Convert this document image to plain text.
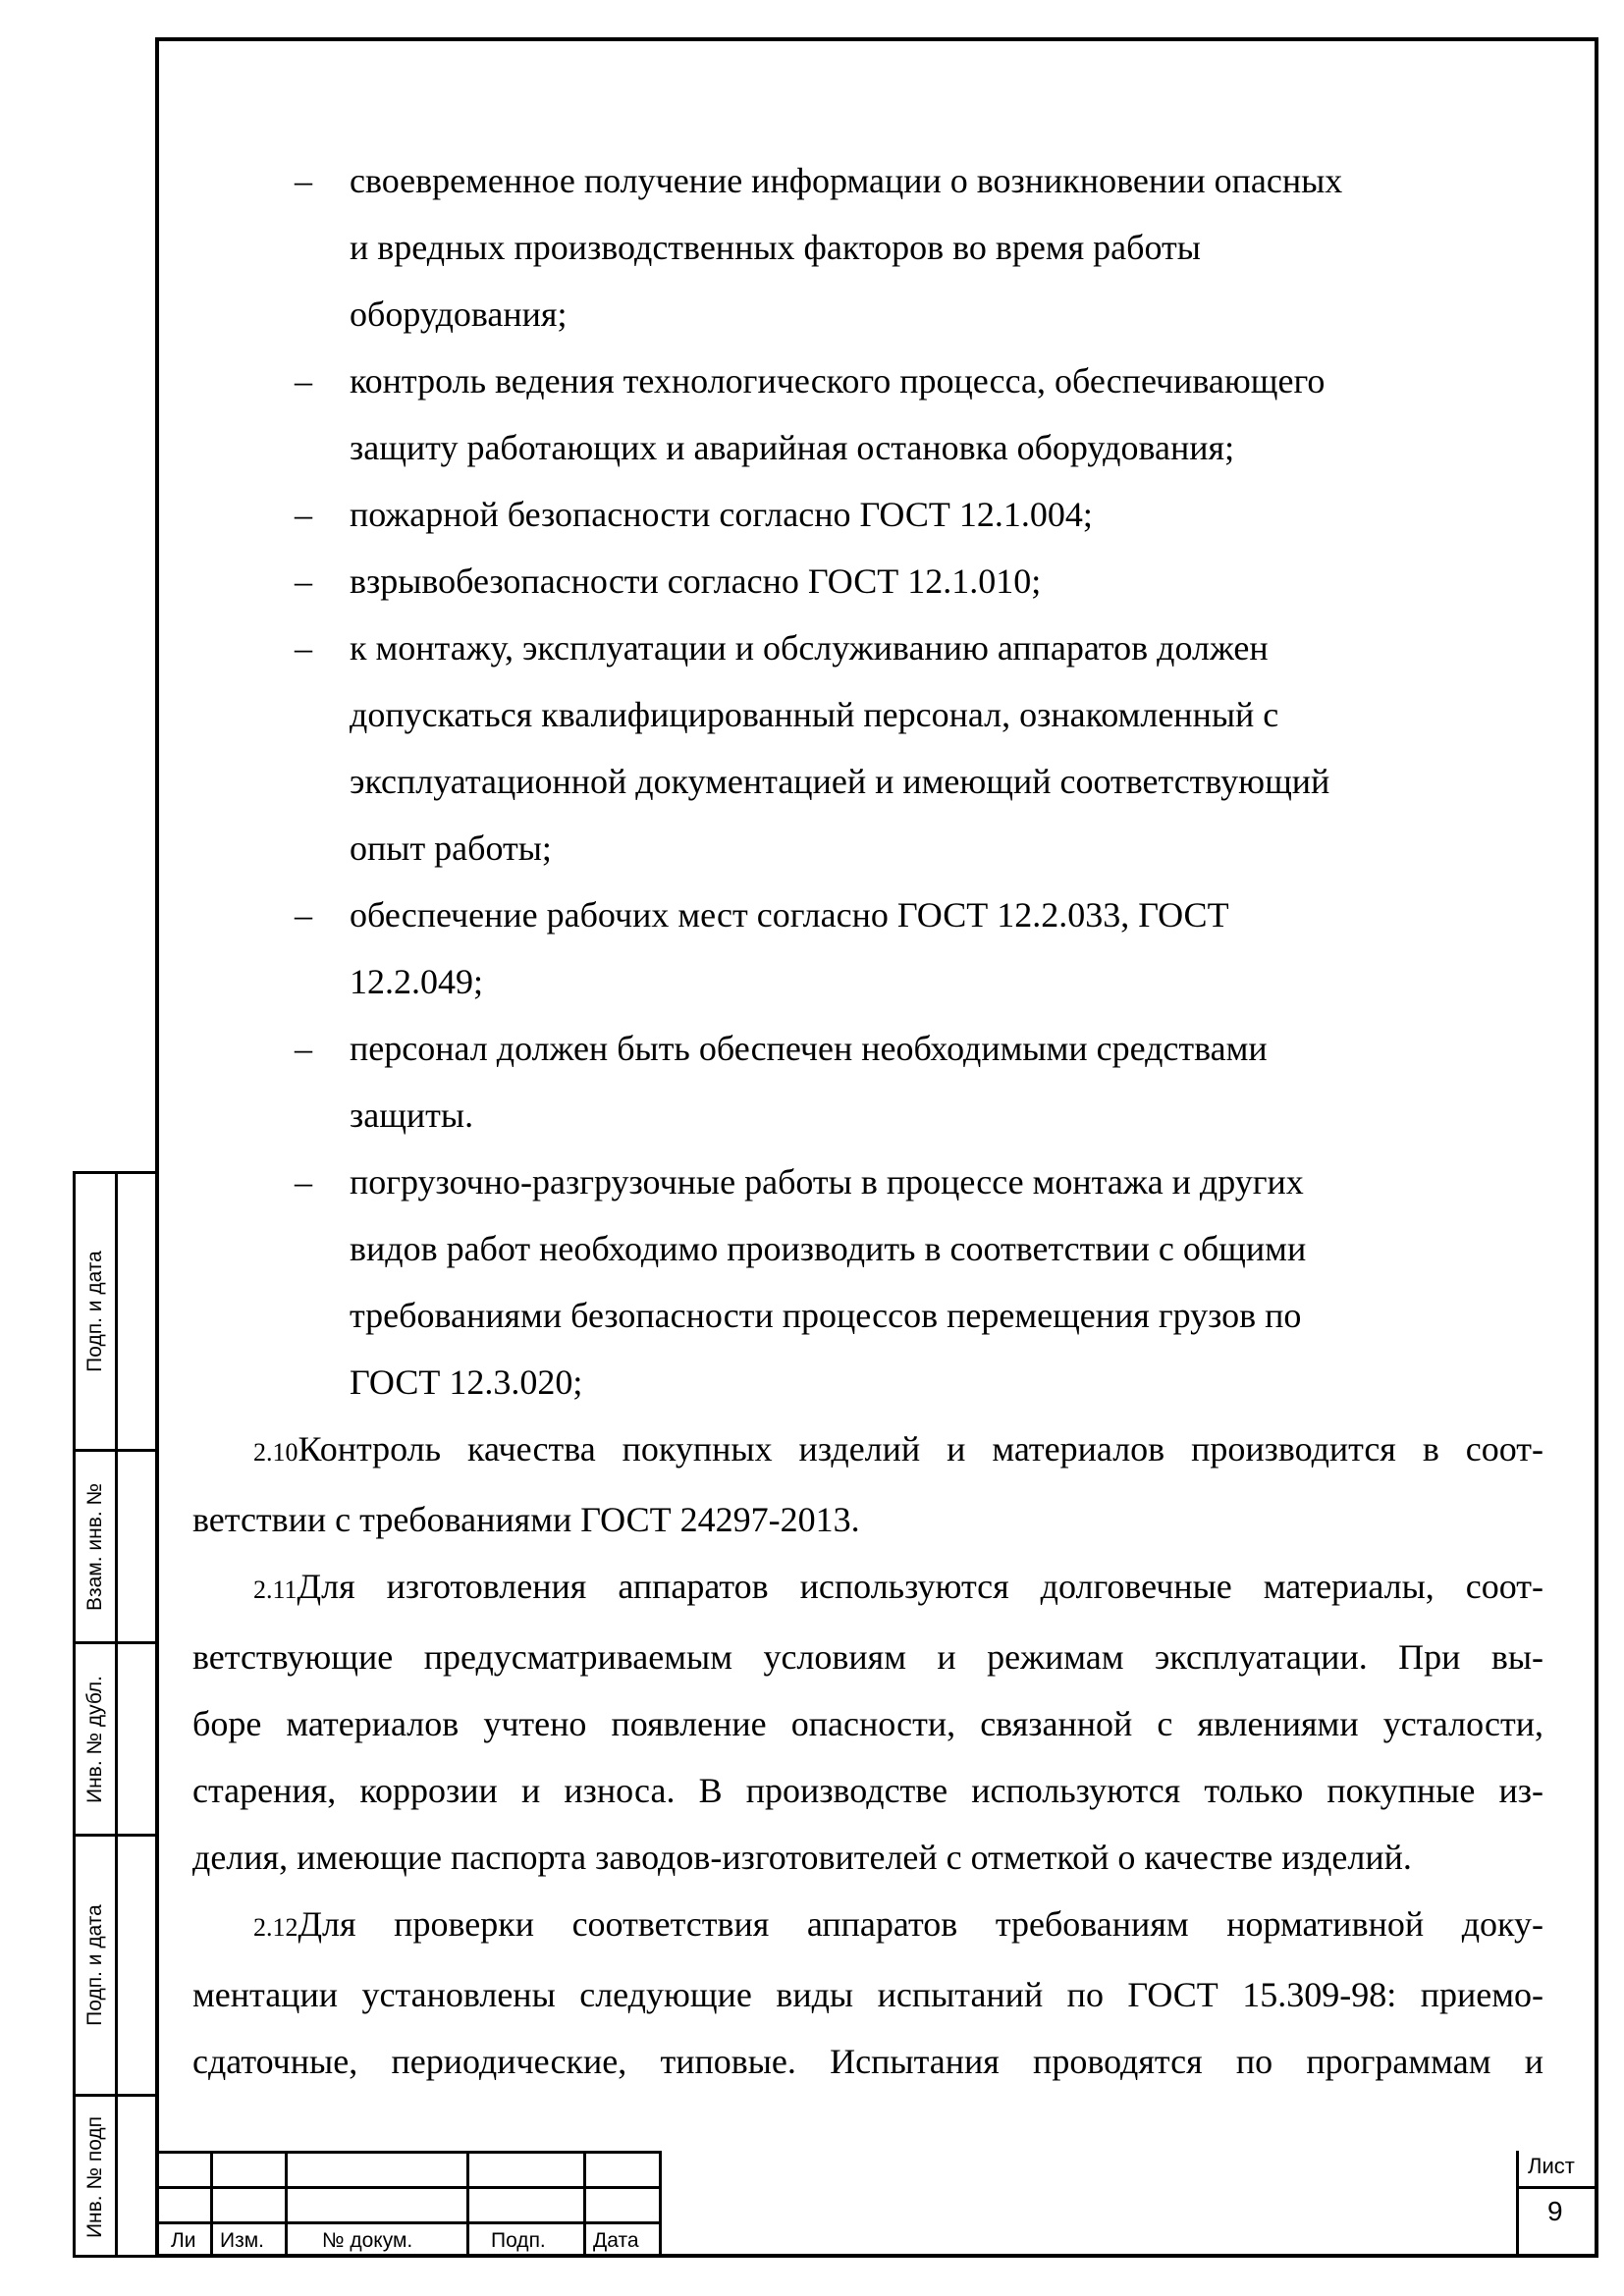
Подп. и дата
Взам. инв. №
Инв. № дубл.
Подп. и дата
Инв. № подп
– своевременное получение информации о возникновении опасных
и вредных производственных факторов во время работы
оборудования;
– контроль ведения технологического процесса, обеспечивающего
защиту работающих и аварийная остановка оборудования;
– пожарной безопасности согласно ГОСТ 12.1.004;
– взрывобезопасности согласно ГОСТ 12.1.010;
– к монтажу, эксплуатации и обслуживанию аппаратов должен
допускаться квалифицированный персонал, ознакомленный с
эксплуатационной документацией и имеющий соответствующий
опыт работы;
– обеспечение рабочих мест согласно ГОСТ 12.2.033, ГОСТ
12.2.049;
– персонал должен быть обеспечен необходимыми средствами
защиты.
– погрузочно-разгрузочные работы в процессе монтажа и других
видов работ необходимо производить в соответствии с общими
требованиями безопасности процессов перемещения грузов по
ГОСТ 12.3.020;
2.10Контроль качества покупных изделий и материалов производится в соот-
ветствии с требованиями ГОСТ 24297-2013.
2.11Для изготовления аппаратов используются долговечные материалы, соот-
ветствующие предусматриваемым условиям и режимам эксплуатации. При вы-
боре материалов учтено появление опасности, связанной с явлениями усталости,
старения, коррозии и износа. В производстве используются только покупные из-
делия, имеющие паспорта заводов-изготовителей с отметкой о качестве изделий.
2.12Для проверки соответствия аппаратов требованиям нормативной доку-
ментации установлены следующие виды испытаний по ГОСТ 15.309-98: приемо-
сдаточные, периодические, типовые. Испытания проводятся по программам и
Ли Изм.	№ докум.	Подп. Дата
Лист
9
